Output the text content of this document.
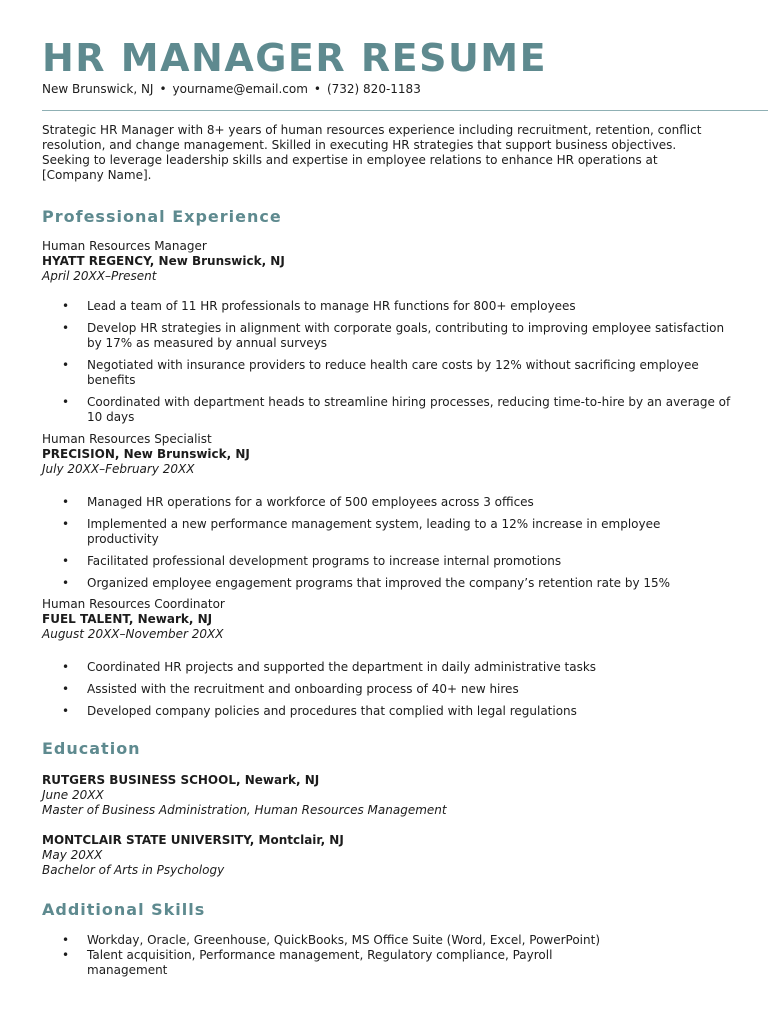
HR MANAGER RESUME
New Brunswick, NJ • yourname@email.com • (732) 820-1183

Strategic HR Manager with 8+ years of human resources experience including recruitment, retention, conflict resolution, and change management. Skilled in executing HR strategies that support business objectives. Seeking to leverage leadership skills and expertise in employee relations to enhance HR operations at [Company Name].

Professional Experience
Human Resources Manager
HYATT REGENCY, New Brunswick, NJ
April 20XX–Present
• Lead a team of 11 HR professionals to manage HR functions for 800+ employees
• Develop HR strategies in alignment with corporate goals, contributing to improving employee satisfaction by 17% as measured by annual surveys
• Negotiated with insurance providers to reduce health care costs by 12% without sacrificing employee benefits
• Coordinated with department heads to streamline hiring processes, reducing time-to-hire by an average of 10 days
Human Resources Specialist
PRECISION, New Brunswick, NJ
July 20XX–February 20XX
• Managed HR operations for a workforce of 500 employees across 3 offices
• Implemented a new performance management system, leading to a 12% increase in employee productivity
• Facilitated professional development programs to increase internal promotions
• Organized employee engagement programs that improved the company’s retention rate by 15%
Human Resources Coordinator
FUEL TALENT, Newark, NJ
August 20XX–November 20XX
• Coordinated HR projects and supported the department in daily administrative tasks
• Assisted with the recruitment and onboarding process of 40+ new hires
• Developed company policies and procedures that complied with legal regulations
Education
RUTGERS BUSINESS SCHOOL, Newark, NJ
June 20XX
Master of Business Administration, Human Resources Management
MONTCLAIR STATE UNIVERSITY, Montclair, NJ
May 20XX
Bachelor of Arts in Psychology
Additional Skills
• Workday, Oracle, Greenhouse, QuickBooks, MS Office Suite (Word, Excel, PowerPoint)
• Talent acquisition, Performance management, Regulatory compliance, Payroll management
